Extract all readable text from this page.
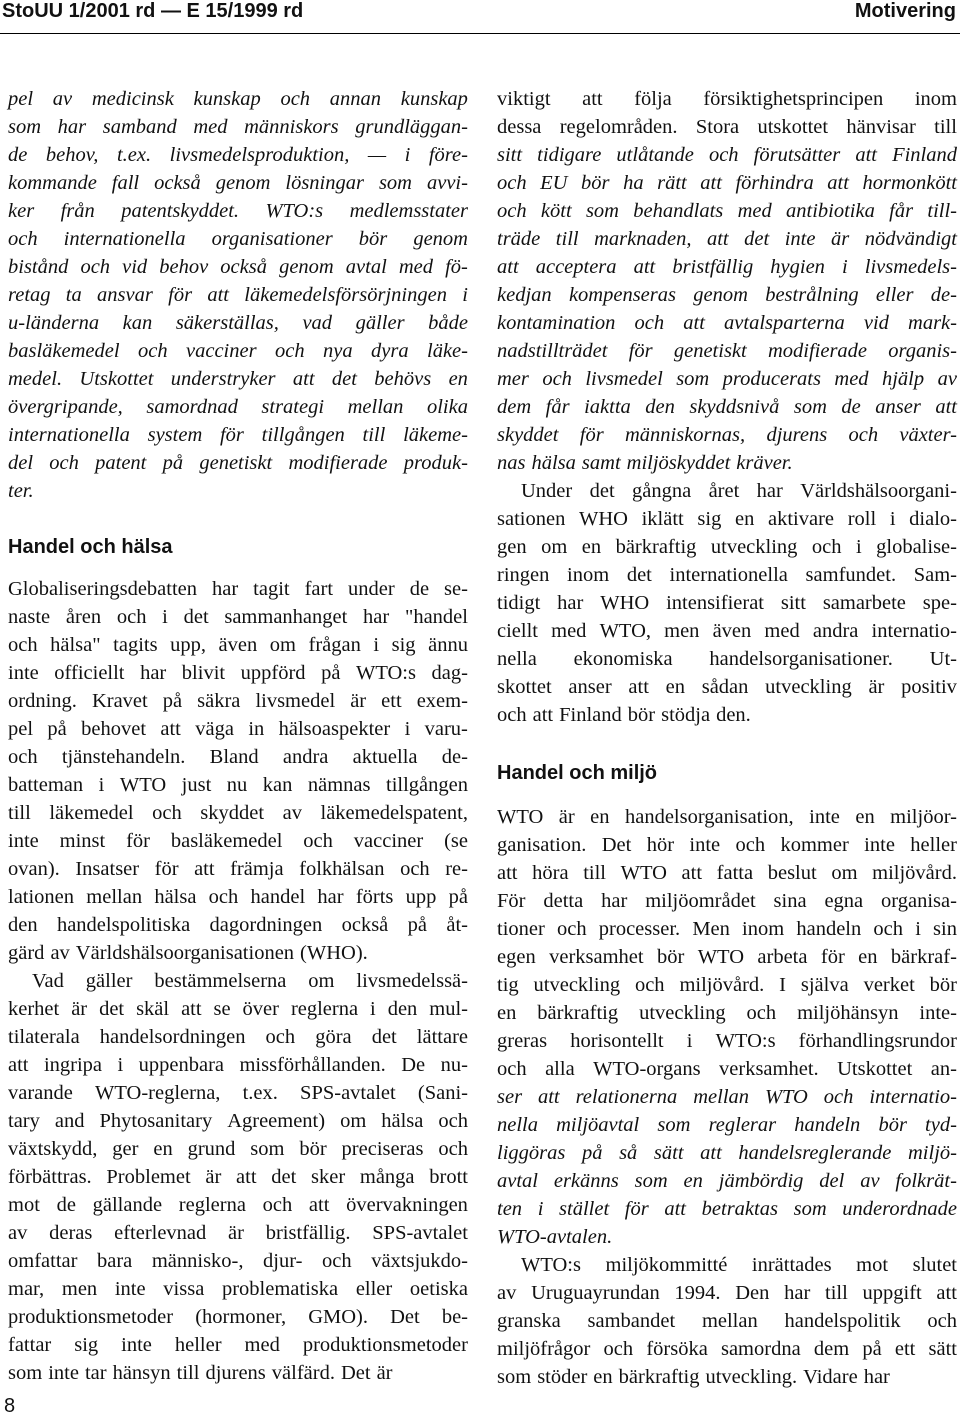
StoUU 1/2001 rd — E 15/1999 rd	Motivering
pel av medicinsk kunskap och annan kunskap
som har samband med människors grundläggan-
de behov, t.ex. livsmedelsproduktion, — i före-
kommande fall också genom lösningar som avvi-
ker från patentskyddet. WTO:s medlemsstater
och internationella organisationer bör genom
bistånd och vid behov också genom avtal med fö-
retag ta ansvar för att läkemedelsförsörjningen i
u-länderna kan säkerställas, vad gäller både
basläkemedel och vacciner och nya dyra läke-
medel. Utskottet understryker att det behövs en
övergripande, samordnad strategi mellan olika
internationella system för tillgången till läkeme-
del och patent på genetiskt modifierade produk-
ter.
Handel och hälsa
Globaliseringsdebatten har tagit fart under de se-
naste åren och i det sammanhanget har "handel
och hälsa" tagits upp, även om frågan i sig ännu
inte officiellt har blivit uppförd på WTO:s dag-
ordning. Kravet på säkra livsmedel är ett exem-
pel på behovet att väga in hälsoaspekter i varu-
och tjänstehandeln. Bland andra aktuella de-
batteman i WTO just nu kan nämnas tillgången
till läkemedel och skyddet av läkemedelspatent,
inte minst för basläkemedel och vacciner (se
ovan). Insatser för att främja folkhälsan och re-
lationen mellan hälsa och handel har förts upp på
den handelspolitiska dagordningen också på åt-
gärd av Världshälsoorganisationen (WHO).
Vad gäller bestämmelserna om livsmedelssä-
kerhet är det skäl att se över reglerna i den mul-
tilaterala handelsordningen och göra det lättare
att ingripa i uppenbara missförhållanden. De nu-
varande WTO-reglerna, t.ex. SPS-avtalet (Sani-
tary and Phytosanitary Agreement) om hälsa och
växtskydd, ger en grund som bör preciseras och
förbättras. Problemet är att det sker många brott
mot de gällande reglerna och att övervakningen
av deras efterlevnad är bristfällig. SPS-avtalet
omfattar bara människo-, djur- och växtsjukdo-
mar, men inte vissa problematiska eller oetiska
produktionsmetoder (hormoner, GMO). Det be-
fattar sig inte heller med produktionsmetoder
som inte tar hänsyn till djurens välfärd. Det är
viktigt att följa försiktighetsprincipen inom
dessa regelområden. Stora utskottet hänvisar till
sitt tidigare utlåtande och förutsätter att Finland
och EU bör ha rätt att förhindra att hormonkött
och kött som behandlats med antibiotika får till-
träde till marknaden, att det inte är nödvändigt
att acceptera att bristfällig hygien i livsmedels-
kedjan kompenseras genom bestrålning eller de-
kontamination och att avtalsparterna vid mark-
nadstillträdet för genetiskt modifierade organis-
mer och livsmedel som producerats med hjälp av
dem får iaktta den skyddsnivå som de anser att
skyddet för människornas, djurens och växter-
nas hälsa samt miljöskyddet kräver.
Under det gångna året har Världshälsoorgani-
sationen WHO iklätt sig en aktivare roll i dialo-
gen om en bärkraftig utveckling och i globalise-
ringen inom det internationella samfundet. Sam-
tidigt har WHO intensifierat sitt samarbete spe-
ciellt med WTO, men även med andra internatio-
nella ekonomiska handelsorganisationer. Ut-
skottet anser att en sådan utveckling är positiv
och att Finland bör stödja den.
Handel och miljö
WTO är en handelsorganisation, inte en miljöor-
ganisation. Det hör inte och kommer inte heller
att höra till WTO att fatta beslut om miljövård.
För detta har miljöområdet sina egna organisa-
tioner och processer. Men inom handeln och i sin
egen verksamhet bör WTO arbeta för en bärkraf-
tig utveckling och miljövård. I själva verket bör
en bärkraftig utveckling och miljöhänsyn inte-
greras horisontellt i WTO:s förhandlingsrundor
och alla WTO-organs verksamhet. Utskottet an-
ser att relationerna mellan WTO och internatio-
nella miljöavtal som reglerar handeln bör tyd-
liggöras på så sätt att handelsreglerande miljö-
avtal erkänns som en jämbördig del av folkrät-
ten i stället för att betraktas som underordnade
WTO-avtalen.
WTO:s miljökommitté inrättades mot slutet
av Uruguayrundan 1994. Den har till uppgift att
granska sambandet mellan handelspolitik och
miljöfrågor och försöka samordna dem på ett sätt
som stöder en bärkraftig utveckling. Vidare har
8
